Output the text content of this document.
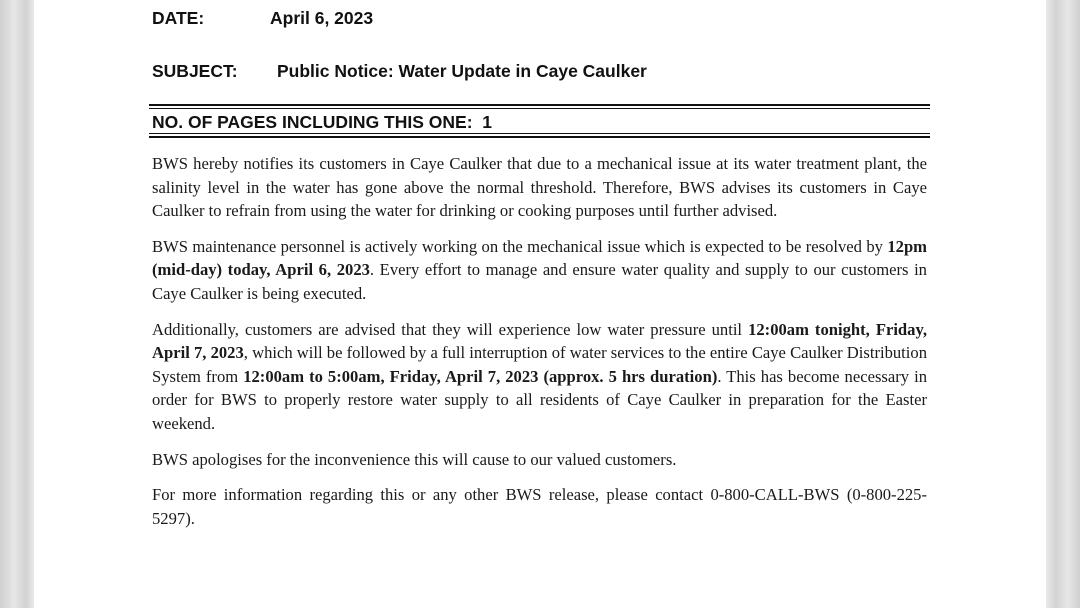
DATE:	April 6, 2023
SUBJECT: Public Notice: Water Update in Caye Caulker
NO. OF PAGES INCLUDING THIS ONE: 1

BWS hereby notifies its customers in Caye Caulker that due to a mechanical issue at its water treatment plant, the salinity level in the water has gone above the normal threshold. Therefore, BWS advises its customers in Caye Caulker to refrain from using the water for drinking or cooking purposes until further advised.

BWS maintenance personnel is actively working on the mechanical issue which is expected to be resolved by 12pm (mid-day) today, April 6, 2023. Every effort to manage and ensure water quality and supply to our customers in Caye Caulker is being executed.

Additionally, customers are advised that they will experience low water pressure until 12:00am tonight, Friday, April 7, 2023, which will be followed by a full interruption of water services to the entire Caye Caulker Distribution System from 12:00am to 5:00am, Friday, April 7, 2023 (approx. 5 hrs duration). This has become necessary in order for BWS to properly restore water supply to all residents of Caye Caulker in preparation for the Easter weekend.

BWS apologises for the inconvenience this will cause to our valued customers.

For more information regarding this or any other BWS release, please contact 0-800-CALL-BWS (0-800-225-5297).
